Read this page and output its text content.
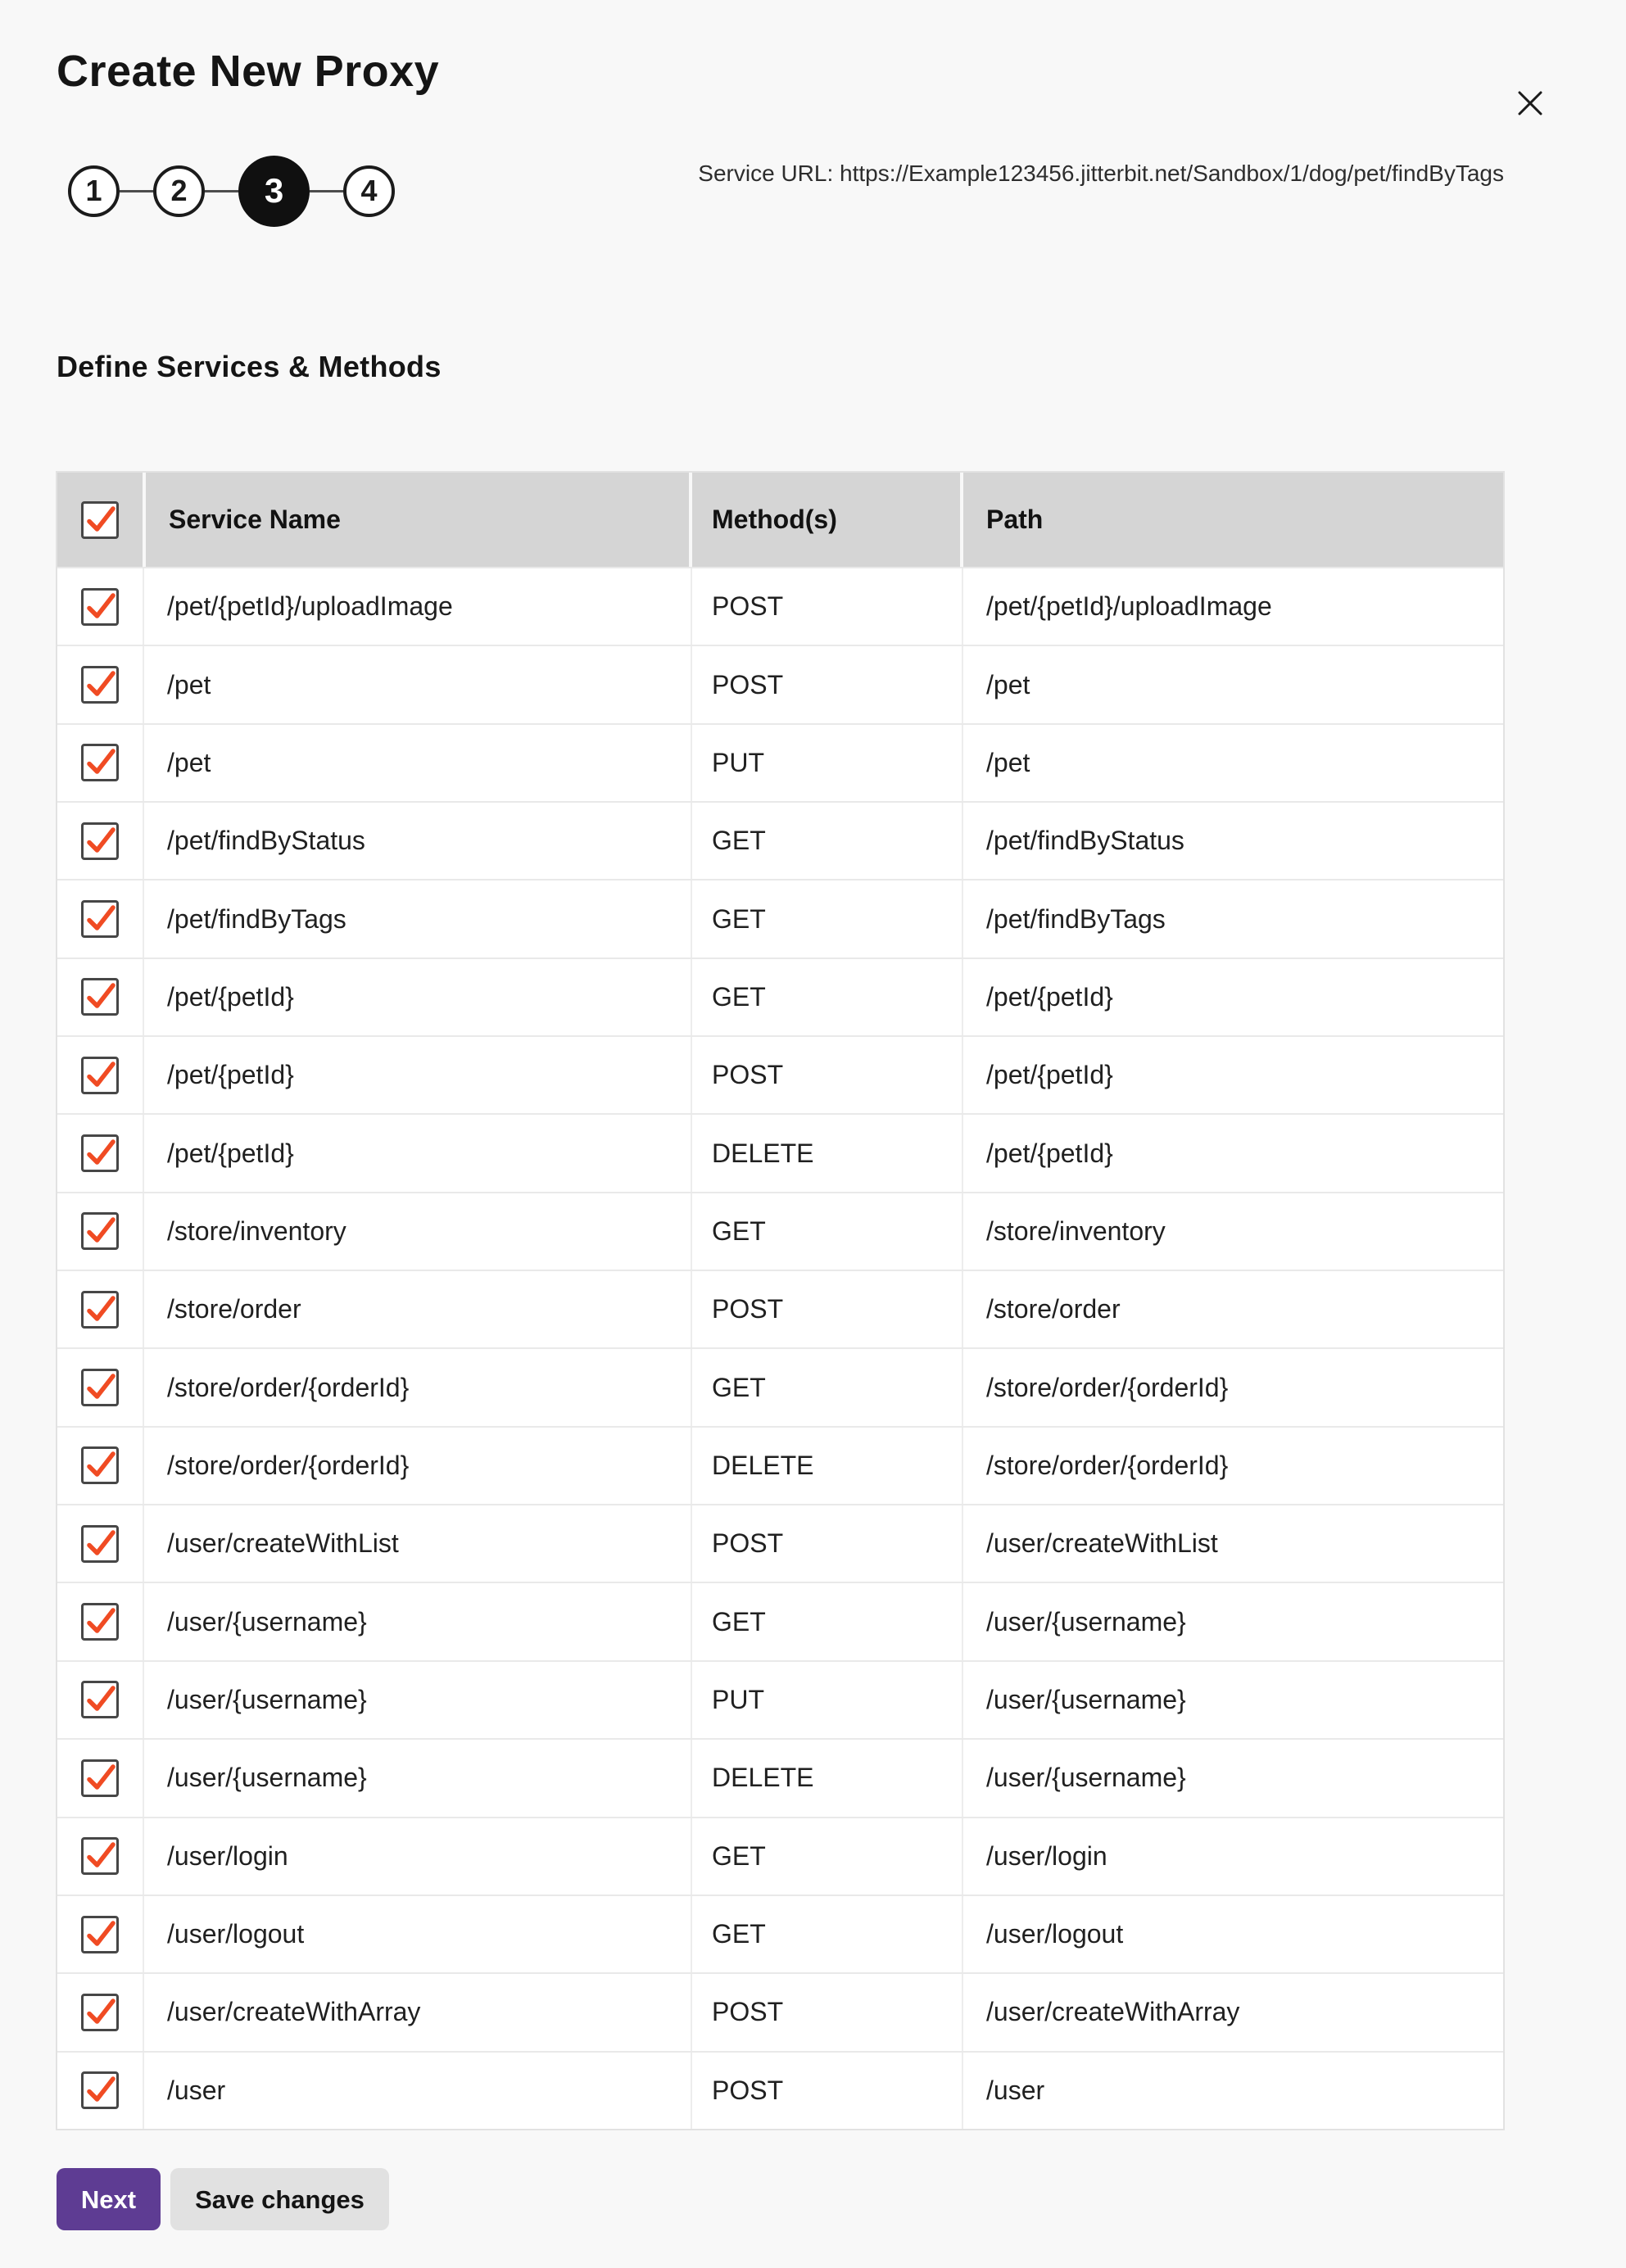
Create New Proxy
1	2	3	4
Service URL: https://Example123456.jitterbit.net/Sandbox/1/dog/pet/findByTags
Define Services & Methods
Service Name	Method(s)	Path
/pet/{petId}/uploadImage	POST	/pet/{petId}/uploadImage
/pet	POST	/pet
/pet	PUT	/pet
/pet/findByStatus	GET	/pet/findByStatus
/pet/findByTags	GET	/pet/findByTags
/pet/{petId}	GET	/pet/{petId}
/pet/{petId}	POST	/pet/{petId}
/pet/{petId}	DELETE	/pet/{petId}
/store/inventory	GET	/store/inventory
/store/order	POST	/store/order
/store/order/{orderId}	GET	/store/order/{orderId}
/store/order/{orderId}	DELETE	/store/order/{orderId}
/user/createWithList	POST	/user/createWithList
/user/{username}	GET	/user/{username}
/user/{username}	PUT	/user/{username}
/user/{username}	DELETE	/user/{username}
/user/login	GET	/user/login
/user/logout	GET	/user/logout
/user/createWithArray	POST	/user/createWithArray
/user	POST	/user
Next	Save changes
